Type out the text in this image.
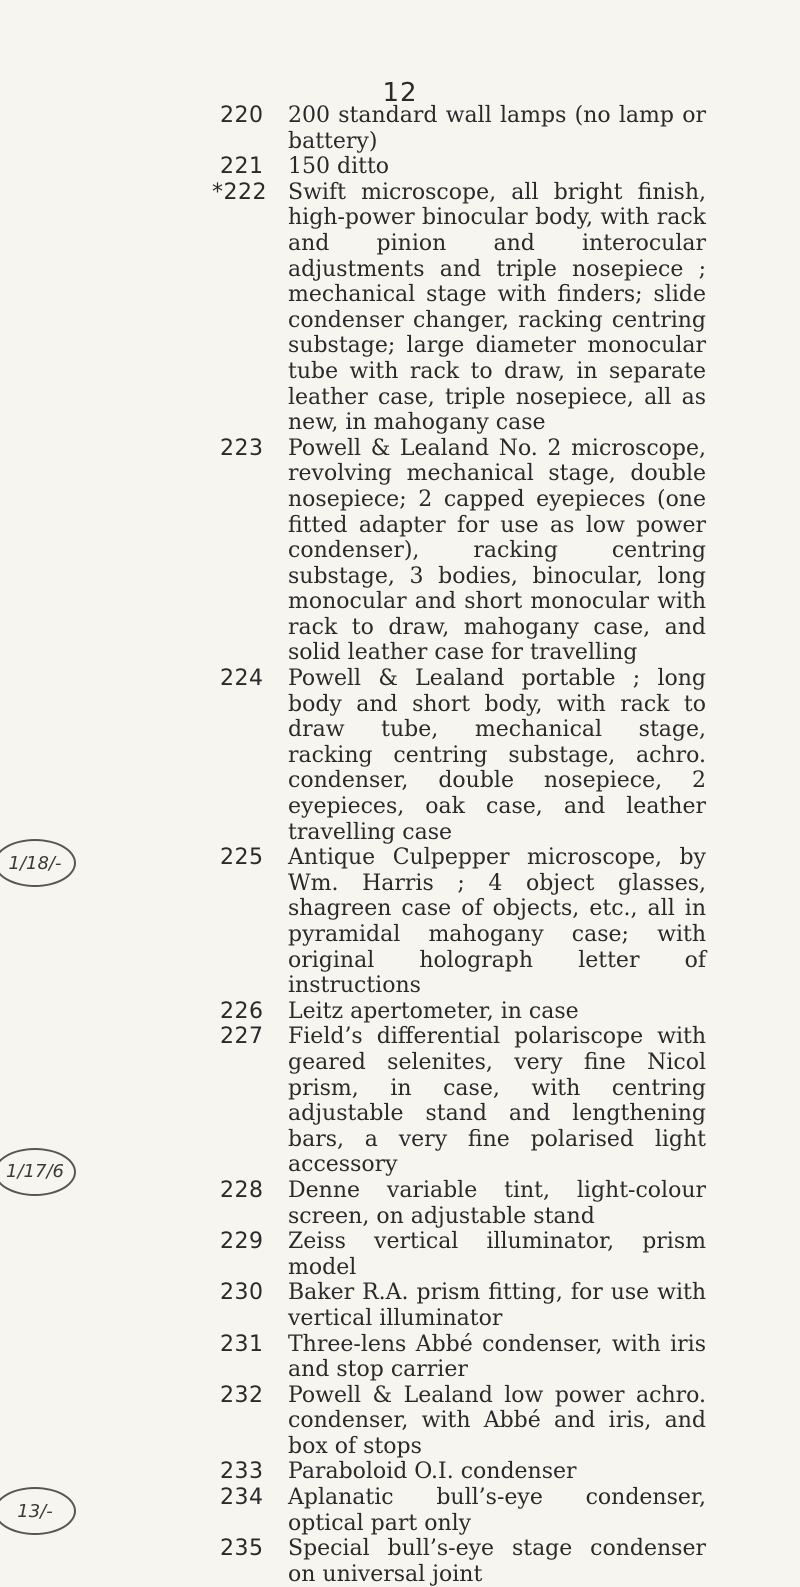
12
220 200 standard wall lamps (no lamp or battery)
221 150 ditto
*222 Swift microscope, all bright finish, high-power binocular body, with rack and pinion and interocular adjustments and triple nosepiece ; mechanical stage with finders; slide condenser changer, racking centring substage; large diameter monocular tube with rack to draw, in separate leather case, triple nosepiece, all as new, in mahogany case
223 Powell & Lealand No. 2 microscope, revolving mechanical stage, double nosepiece; 2 capped eyepieces (one fitted adapter for use as low power condenser), racking centring substage, 3 bodies, binocular, long monocular and short monocular with rack to draw, mahogany case, and solid leather case for travelling
224 Powell & Lealand portable ; long body and short body, with rack to draw tube, mechanical stage, racking centring substage, achro. condenser, double nosepiece, 2 eyepieces, oak case, and leather travelling case
1/18/-	225 Antique Culpepper microscope, by Wm. Harris ; 4 object glasses, shagreen case of objects, etc., all in pyramidal mahogany case; with original holograph letter of instructions
226 Leitz apertometer, in case
227 Field’s differential polariscope with geared selenites, very fine Nicol prism, in case, with centring adjustable stand and lengthening bars, a very fine polarised light accessory
1/17/6
228 Denne variable tint, light-colour screen, on adjustable stand
229 Zeiss vertical illuminator, prism model
230 Baker R.A. prism fitting, for use with vertical illuminator
231 Three-lens Abbé condenser, with iris and stop carrier
232 Powell & Lealand low power achro. condenser, with Abbé and iris, and box of stops
233 Paraboloid O.I. condenser
13/-
234 Aplanatic bull’s-eye condenser, optical part only
235 Special bull’s-eye stage condenser on universal joint
